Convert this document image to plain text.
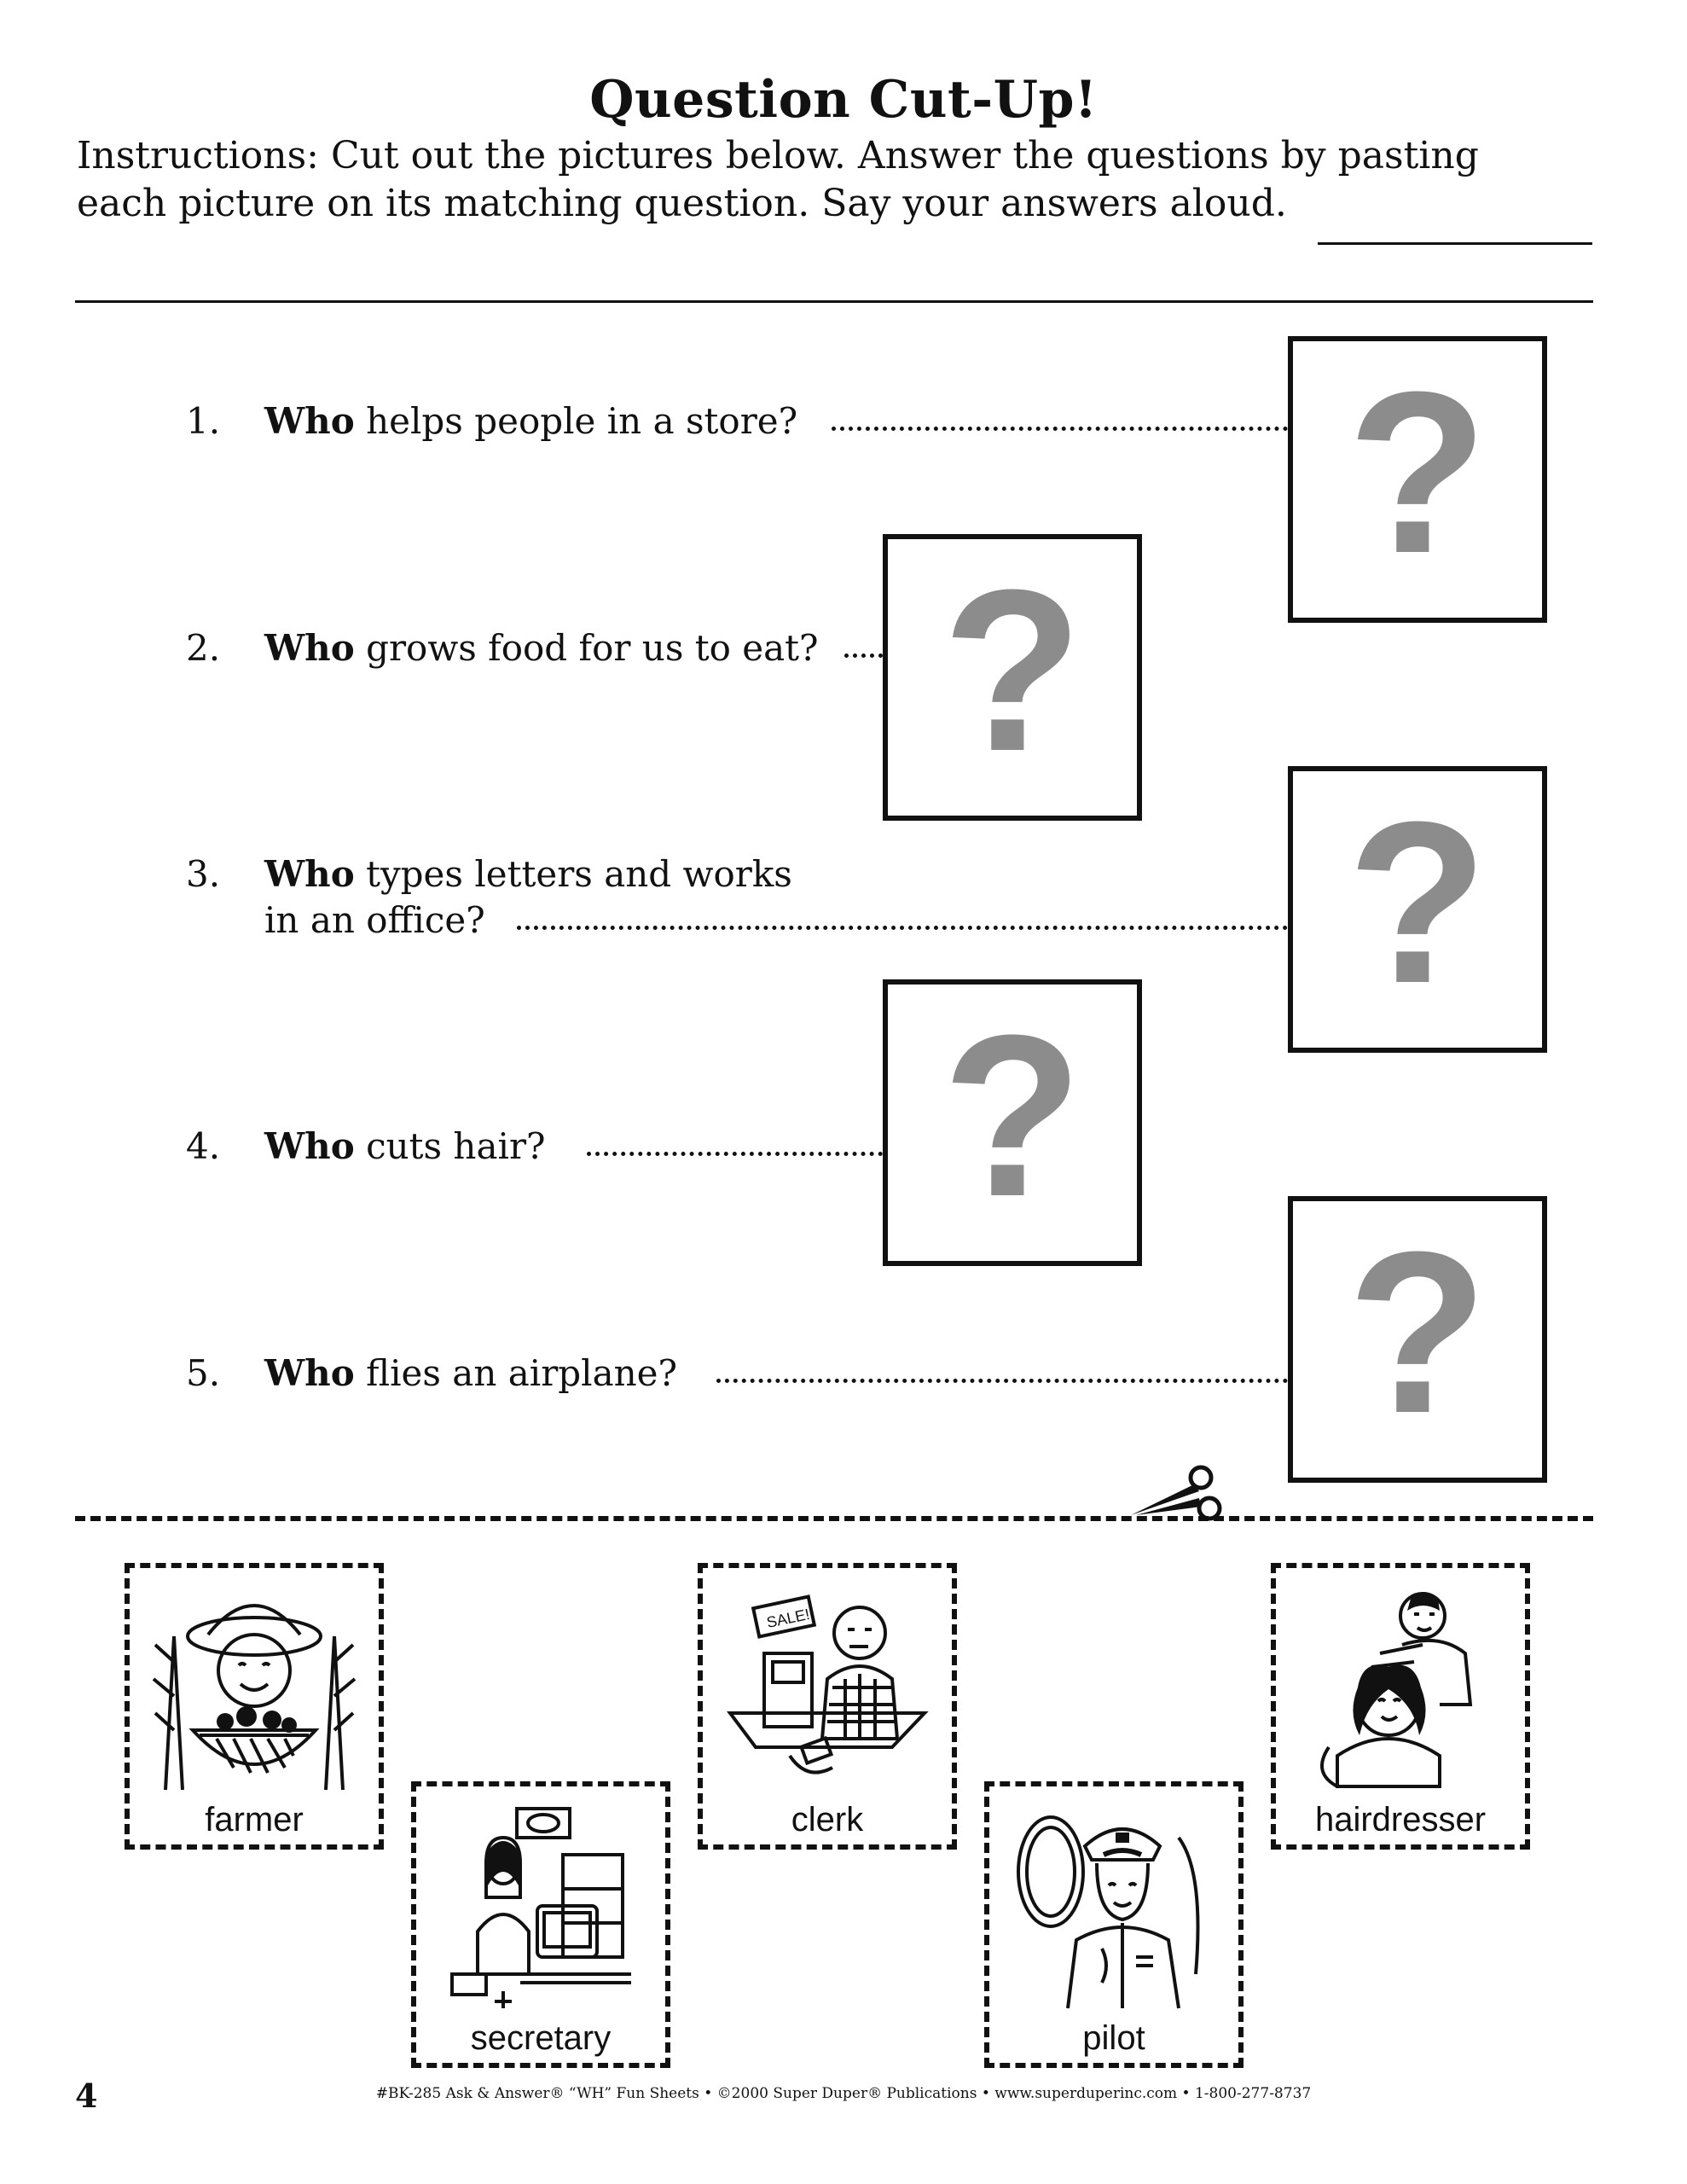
Question Cut-Up!
Instructions: Cut out the pictures below. Answer the questions by pasting
each picture on its matching question. Say your answers aloud.
1. Who helps people in a store?
2. Who grows food for us to eat?
3. Who types letters and works
in an office?
4. Who cuts hair?
5. Who flies an airplane?
?
?
?
?
?
farmer
secretary
SALE!
clerk
pilot
hairdresser
4	#BK-285 Ask & Answer® “WH” Fun Sheets • ©2000 Super Duper® Publications • www.superduperinc.com • 1-800-277-8737
